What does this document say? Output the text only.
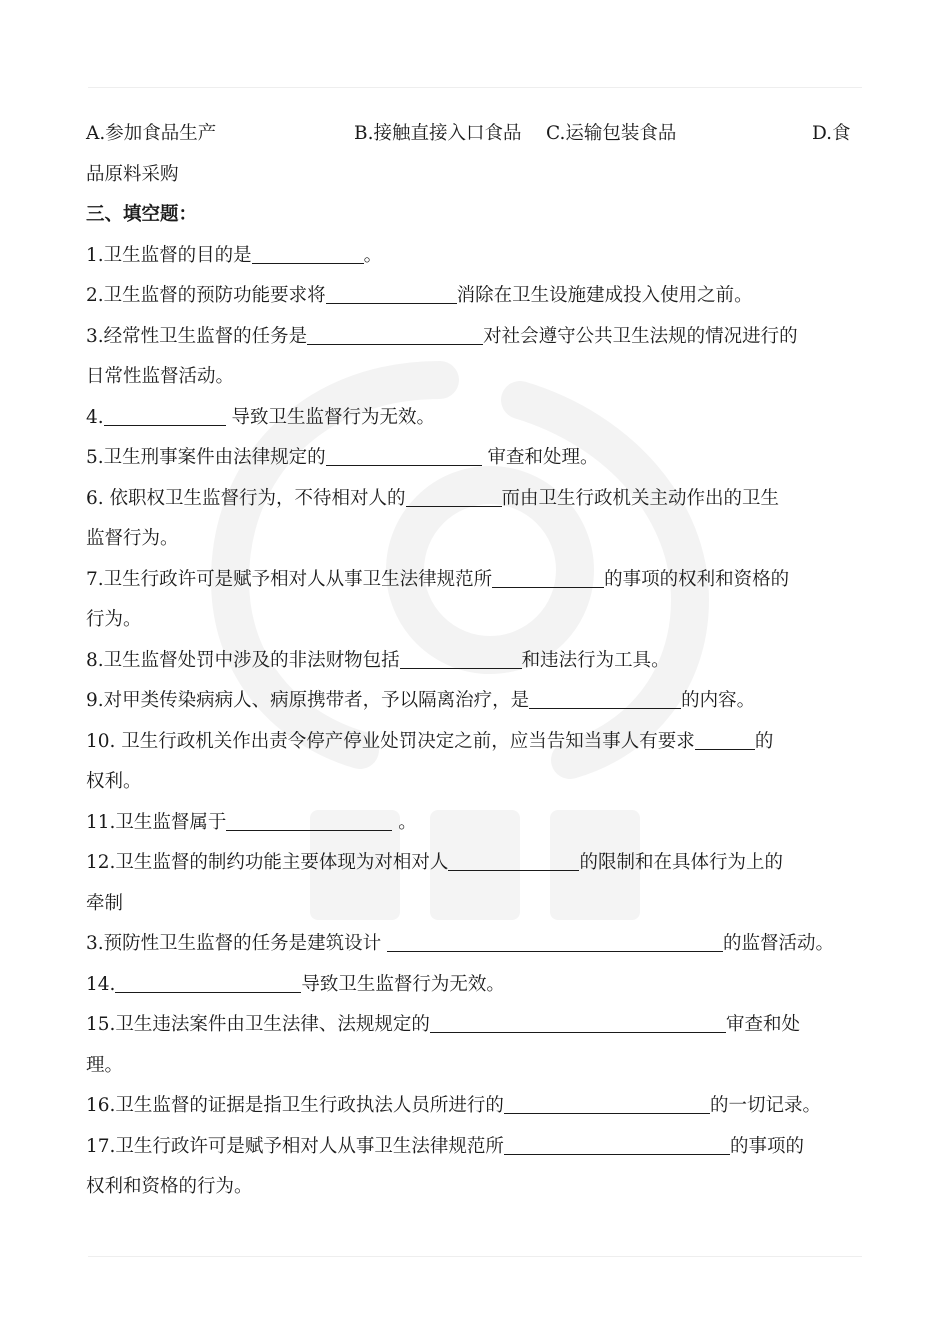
A.参加食品生产	B.接触直接入口食品 C.运输包装食品	D.食
品原料采购
三、填空题：
1.卫生监督的目的是	。
2.卫生监督的预防功能要求将	消除在卫生设施建成投入使用之前。
3.经常性卫生监督的任务是	对社会遵守公共卫生法规的情况进行的
日常性监督活动。
4.	导致卫生监督行为无效。
5.卫生刑事案件由法律规定的	审查和处理。
6. 依职权卫生监督行为，不待相对人的	而由卫生行政机关主动作出的卫生
监督行为。
7.卫生行政许可是赋予相对人从事卫生法律规范所	的事项的权利和资格的
行为。
8.卫生监督处罚中涉及的非法财物包括	和违法行为工具。
9.对甲类传染病病人、病原携带者，予以隔离治疗，是	的内容。
10. 卫生行政机关作出责令停产停业处罚决定之前，应当告知当事人有要求	的
权利。
11.卫生监督属于	。
12.卫生监督的制约功能主要体现为对相对人	的限制和在具体行为上的
牵制
3.预防性卫生监督的任务是建筑设计	的监督活动。
14.	导致卫生监督行为无效。
15.卫生违法案件由卫生法律、法规规定的	审查和处
理。
16.卫生监督的证据是指卫生行政执法人员所进行的	的一切记录。
17.卫生行政许可是赋予相对人从事卫生法律规范所	的事项的
权利和资格的行为。
